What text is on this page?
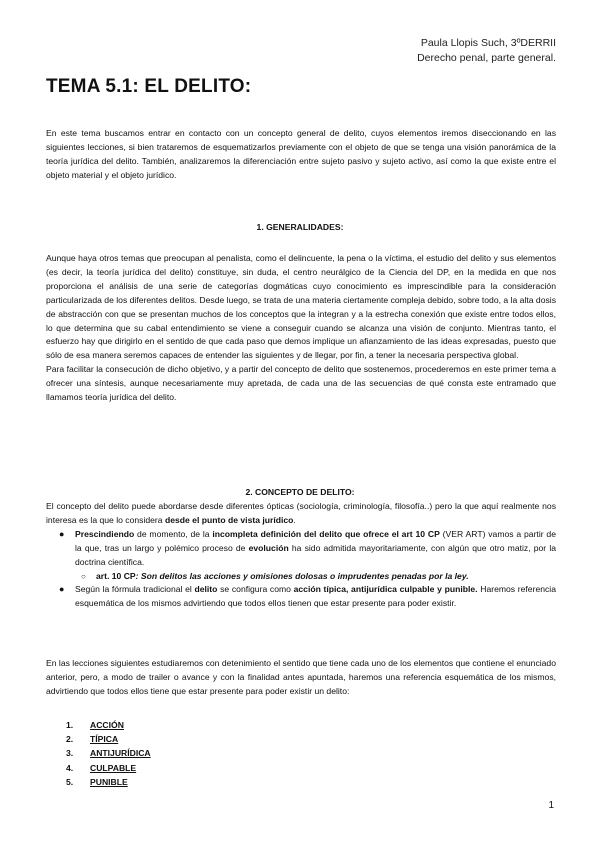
Paula Llopis Such, 3ºDERRII
Derecho penal, parte general.
TEMA 5.1: EL DELITO:

En este tema buscamos entrar en contacto con un concepto general de delito, cuyos elementos iremos diseccionando en las siguientes lecciones, si bien trataremos de esquematizarlos previamente con el objeto de que se tenga una visión panorámica de la teoría jurídica del delito. También, analizaremos la diferenciación entre sujeto pasivo y sujeto activo, así como la que existe entre el objeto material y el objeto jurídico.

1. GENERALIDADES:

Aunque haya otros temas que preocupan al penalista, como el delincuente, la pena o la víctima, el estudio del delito y sus elementos (es decir, la teoría jurídica del delito) constituye, sin duda, el centro neurálgico de la Ciencia del DP, en la medida en que nos proporciona el análisis de una serie de categorías dogmáticas cuyo conocimiento es imprescindible para la consideración particularizada de los diferentes delitos. Desde luego, se trata de una materia ciertamente compleja debido, sobre todo, a la alta dosis de abstracción con que se presentan muchos de los conceptos que la integran y a la estrecha conexión que existe entre todos ellos, lo que determina que su cabal entendimiento se viene a conseguir cuando se alcanza una visión de conjunto. Mientras tanto, el esfuerzo hay que dirigirlo en el sentido de que cada paso que demos implique un afianzamiento de las ideas expresadas, puesto que sólo de esa manera seremos capaces de entender las siguientes y de llegar, por fin, a tener la necesaria perspectiva global.

Para facilitar la consecución de dicho objetivo, y a partir del concepto de delito que sostenemos, procederemos en este primer tema a ofrecer una síntesis, aunque necesariamente muy apretada, de cada una de las secuencias de qué consta este entramado que llamamos teoría jurídica del delito.

2. CONCEPTO DE DELITO:

El concepto del delito puede abordarse desde diferentes ópticas (sociología, criminología, filosofía..) pero la que aquí realmente nos interesa es la que lo considera desde el punto de vista jurídico.

● Prescindiendo de momento, de la incompleta definición del delito que ofrece el art 10 CP (VER ART) vamos a partir de la que, tras un largo y polémico proceso de evolución ha sido admitida mayoritariamente, con algún que otro matiz, por la doctrina científica.
○ art. 10 CP: Son delitos las acciones y omisiones dolosas o imprudentes penadas por la ley.
● Según la fórmula tradicional el delito se configura como acción típica, antijurídica culpable y punible. Haremos referencia esquemática de los mismos advirtiendo que todos ellos tienen que estar presente para poder existir.

En las lecciones siguientes estudiaremos con detenimiento el sentido que tiene cada uno de los elementos que contiene el enunciado anterior, pero, a modo de trailer o avance y con la finalidad antes apuntada, haremos una referencia esquemática de los mismos, advirtiendo que todos ellos tiene que estar presente para poder existir un delito:

1.	ACCIÓN
2.	TÍPICA
3.	ANTIJURÍDICA
4.	CULPABLE
5.	PUNIBLE
1
